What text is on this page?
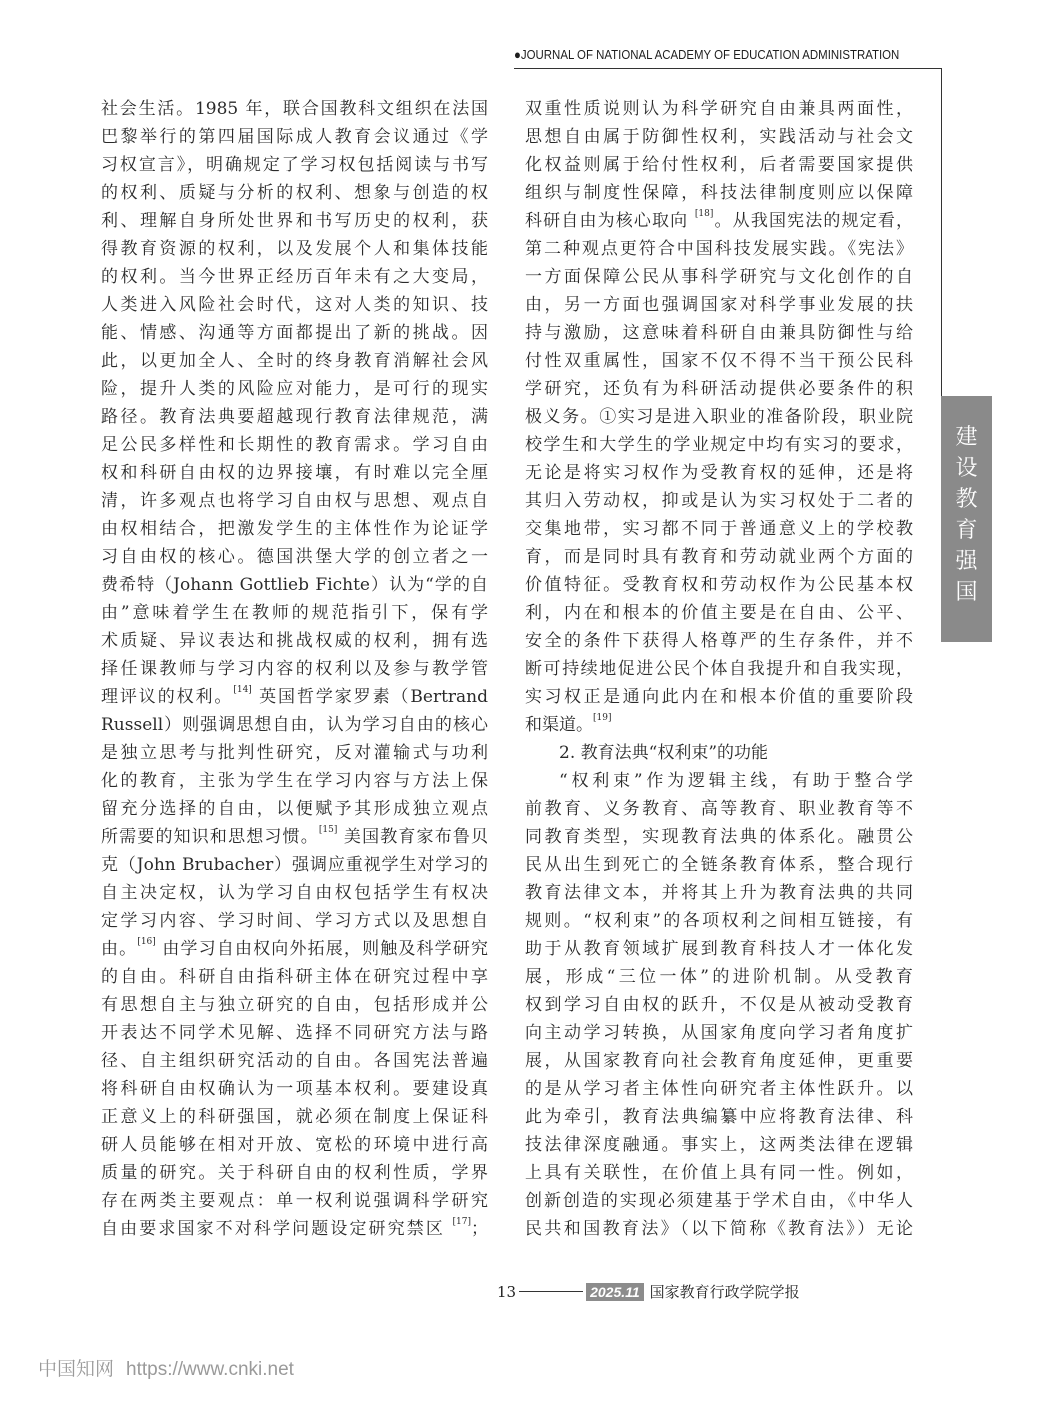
●JOURNAL OF NATIONAL ACADEMY OF EDUCATION ADMINISTRATION
社会生活。1985 年，联合国教科文组织在法国
巴黎举行的第四届国际成人教育会议通过《学
习权宣言》，明确规定了学习权包括阅读与书写
的权利、质疑与分析的权利、想象与创造的权
利、理解自身所处世界和书写历史的权利，获
得教育资源的权利，以及发展个人和集体技能
的权利。当今世界正经历百年未有之大变局，
人类进入风险社会时代，这对人类的知识、技
能、情感、沟通等方面都提出了新的挑战。因
此，以更加全人、全时的终身教育消解社会风
险，提升人类的风险应对能力，是可行的现实
路径。教育法典要超越现行教育法律规范，满
足公民多样性和长期性的教育需求。学习自由
权和科研自由权的边界接壤，有时难以完全厘
清，许多观点也将学习自由权与思想、观点自
由权相结合，把激发学生的主体性作为论证学
习自由权的核心。德国洪堡大学的创立者之一
费希特（Johann Gottlieb Fichte）认为“学的自
由”意味着学生在教师的规范指引下，保有学
术质疑、异议表达和挑战权威的权利，拥有选
择任课教师与学习内容的权利以及参与教学管
理评议的权利。[14] 英国哲学家罗素（Bertrand
Russell）则强调思想自由，认为学习自由的核心
是独立思考与批判性研究，反对灌输式与功利
化的教育，主张为学生在学习内容与方法上保
留充分选择的自由，以便赋予其形成独立观点
所需要的知识和思想习惯。[15] 美国教育家布鲁贝
克（John Brubacher）强调应重视学生对学习的
自主决定权，认为学习自由权包括学生有权决
定学习内容、学习时间、学习方式以及思想自
由。[16] 由学习自由权向外拓展，则触及科学研究
的自由。科研自由指科研主体在研究过程中享
有思想自主与独立研究的自由，包括形成并公
开表达不同学术见解、选择不同研究方法与路
径、自主组织研究活动的自由。各国宪法普遍
将科研自由权确认为一项基本权利。要建设真
正意义上的科研强国，就必须在制度上保证科
研人员能够在相对开放、宽松的环境中进行高
质量的研究。关于科研自由的权利性质，学界
存在两类主要观点：单一权利说强调科学研究
自由要求国家不对科学问题设定研究禁区 [17]；
双重性质说则认为科学研究自由兼具两面性，
思想自由属于防御性权利，实践活动与社会文
化权益则属于给付性权利，后者需要国家提供
组织与制度性保障，科技法律制度则应以保障
科研自由为核心取向 [18]。从我国宪法的规定看，
第二种观点更符合中国科技发展实践。《宪法》
一方面保障公民从事科学研究与文化创作的自
由，另一方面也强调国家对科学事业发展的扶
持与激励，这意味着科研自由兼具防御性与给
付性双重属性，国家不仅不得不当干预公民科
学研究，还负有为科研活动提供必要条件的积
极义务。①实习是进入职业的准备阶段，职业院
校学生和大学生的学业规定中均有实习的要求，
无论是将实习权作为受教育权的延伸，还是将
其归入劳动权，抑或是认为实习权处于二者的
交集地带，实习都不同于普通意义上的学校教
育，而是同时具有教育和劳动就业两个方面的
价值特征。受教育权和劳动权作为公民基本权
利，内在和根本的价值主要是在自由、公平、
安全的条件下获得人格尊严的生存条件，并不
断可持续地促进公民个体自我提升和自我实现，
实习权正是通向此内在和根本价值的重要阶段
和渠道。[19]
2. 教育法典“权利束”的功能
“权利束”作为逻辑主线，有助于整合学
前教育、义务教育、高等教育、职业教育等不
同教育类型，实现教育法典的体系化。融贯公
民从出生到死亡的全链条教育体系，整合现行
教育法律文本，并将其上升为教育法典的共同
规则。“权利束”的各项权利之间相互链接，有
助于从教育领域扩展到教育科技人才一体化发
展，形成“三位一体”的进阶机制。从受教育
权到学习自由权的跃升，不仅是从被动受教育
向主动学习转换，从国家角度向学习者角度扩
展，从国家教育向社会教育角度延伸，更重要
的是从学习者主体性向研究者主体性跃升。以
此为牵引，教育法典编纂中应将教育法律、科
技法律深度融通。事实上，这两类法律在逻辑
上具有关联性，在价值上具有同一性。例如，
创新创造的实现必须建基于学术自由，《中华人
民共和国教育法》（以下简称《教育法》）无论
建
设
教
育
强
国
13	2025.11 国家教育行政学院学报
中国知网 https://www.cnki.net
